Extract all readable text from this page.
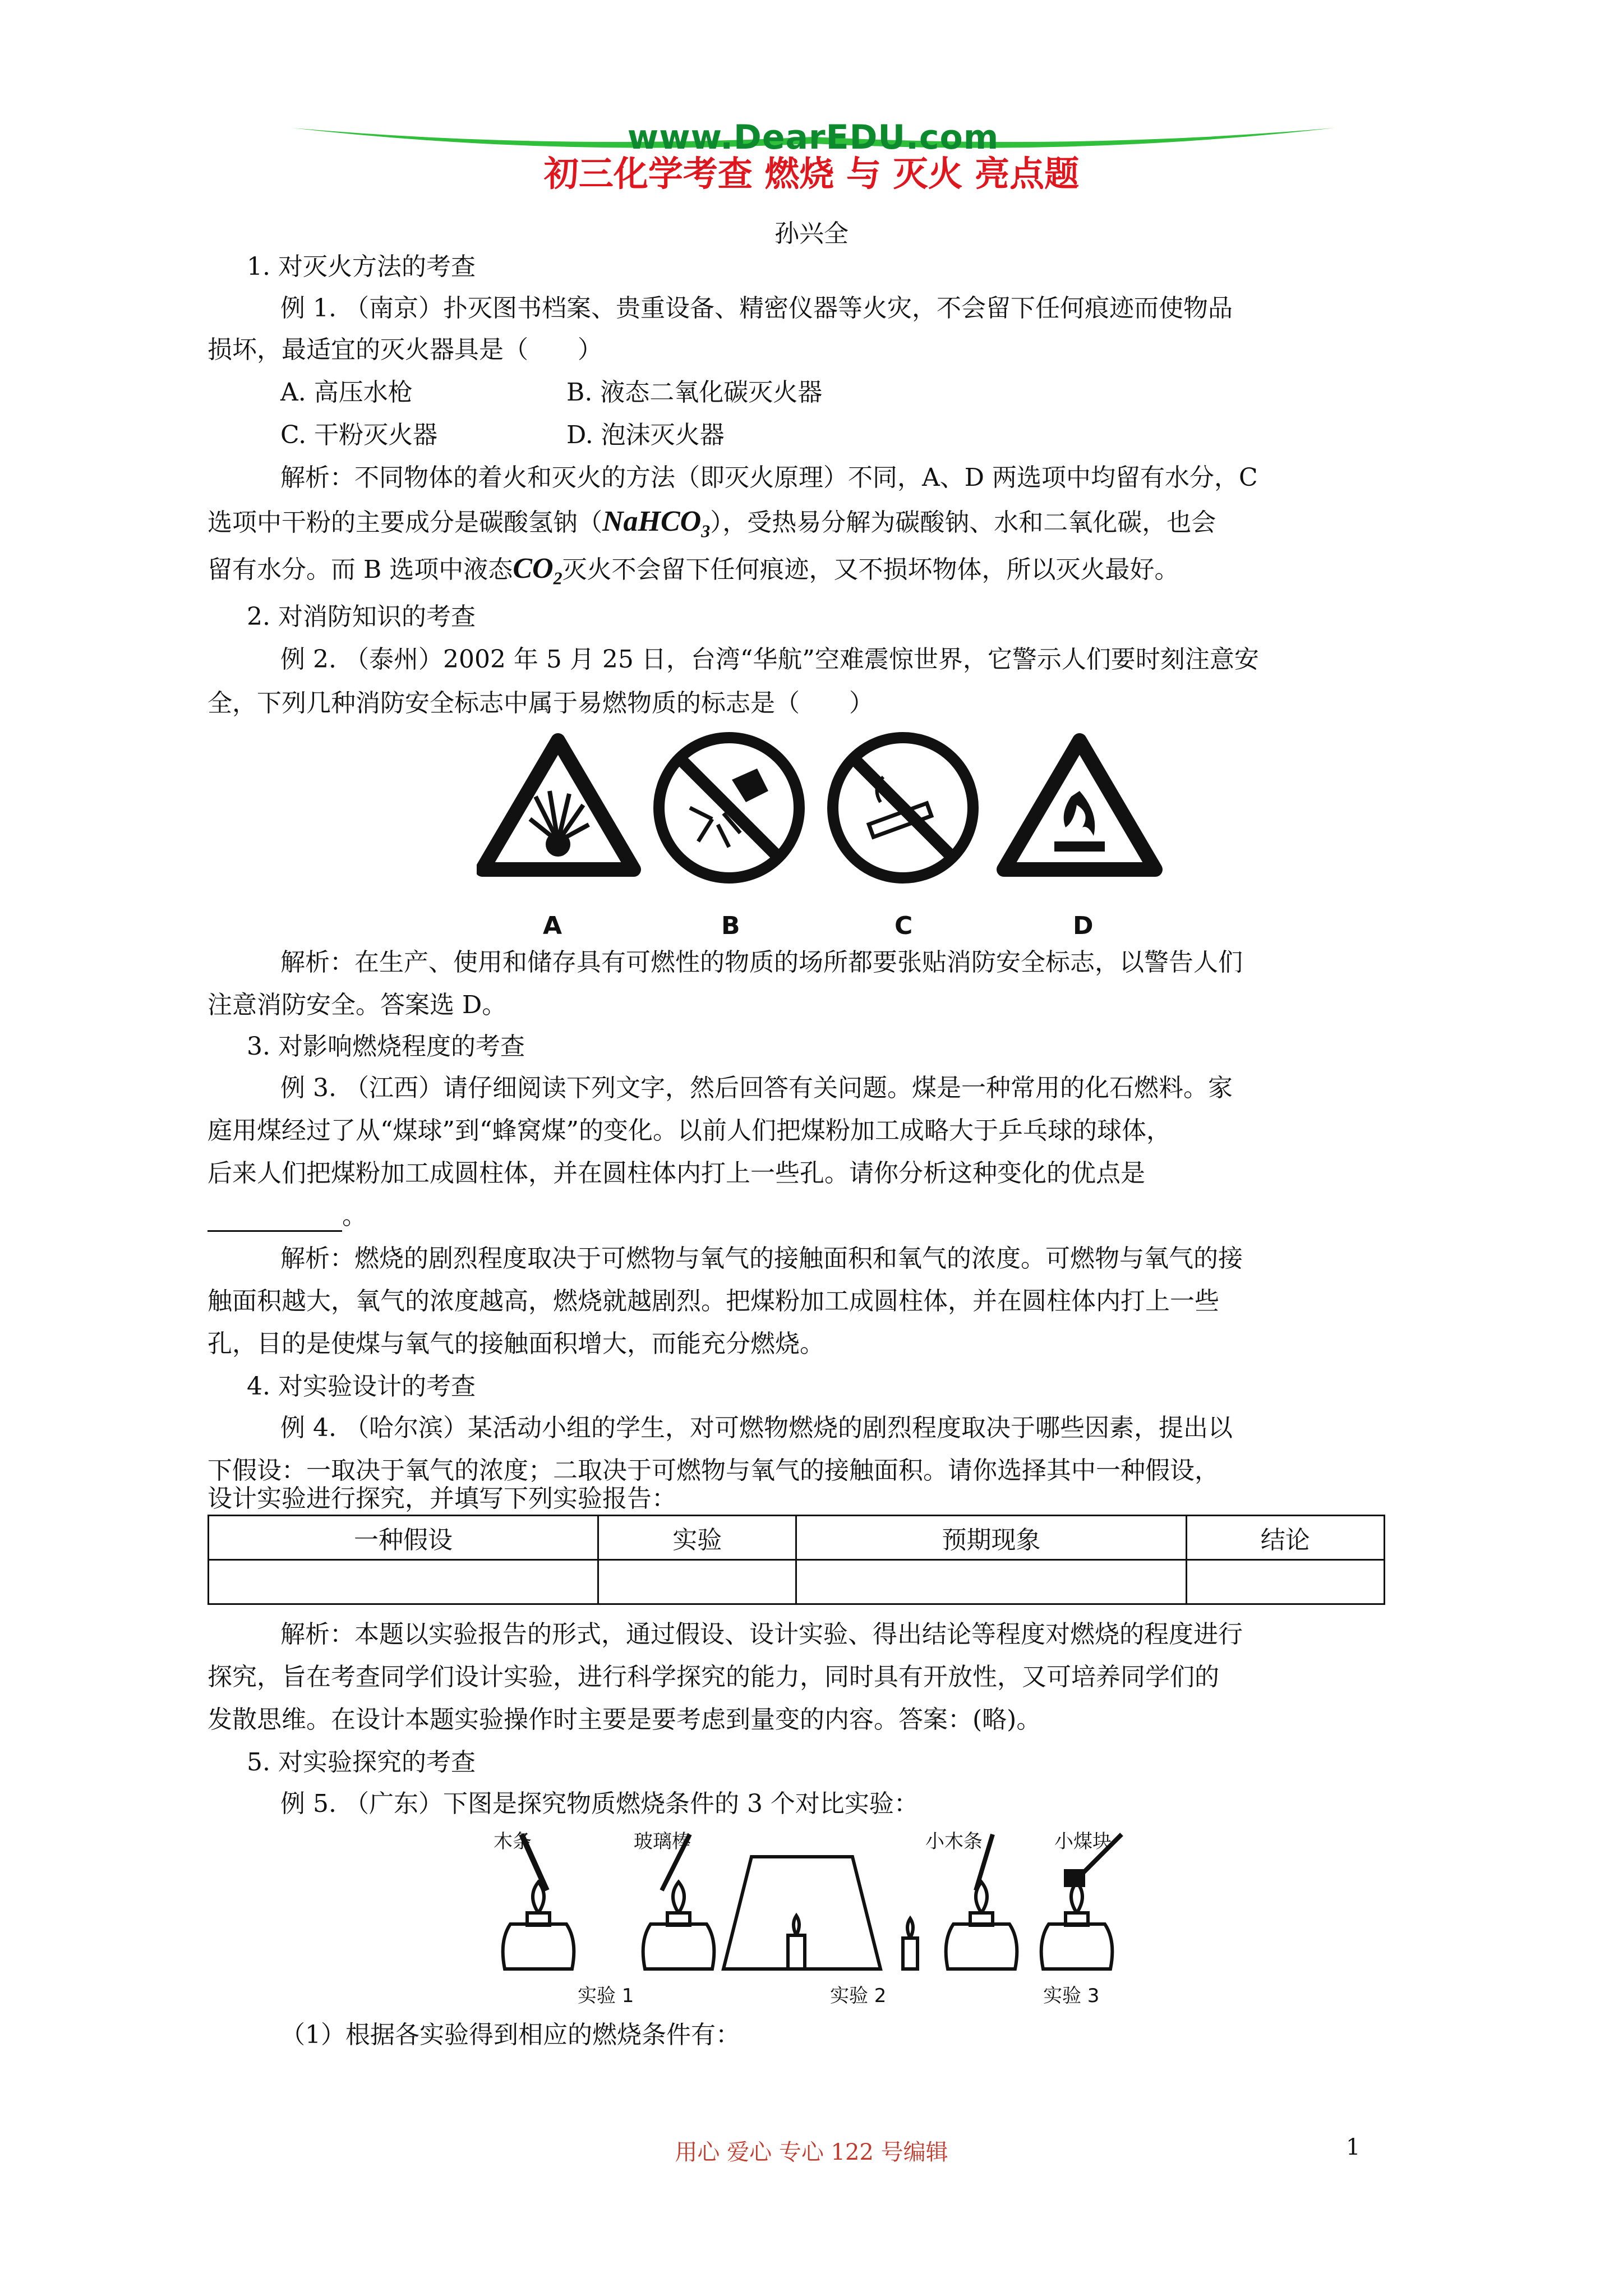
www.DearEDU.com
初三化学考查 燃烧 与 灭火 亮点题
孙兴全
1. 对灭火方法的考查
例 1. （南京）扑灭图书档案、贵重设备、精密仪器等火灾，不会留下任何痕迹而使物品
损坏，最适宜的灭火器具是（　　）
A. 高压水枪	B. 液态二氧化碳灭火器
C. 干粉灭火器	D. 泡沫灭火器
解析：不同物体的着火和灭火的方法（即灭火原理）不同，A、D 两选项中均留有水分，C
选项中干粉的主要成分是碳酸氢钠（NaHCO$_3$），受热易分解为碳酸钠、水和二氧化碳，也会
留有水分。而 B 选项中液态$CO_2$灭火不会留下任何痕迹，又不损坏物体，所以灭火最好。
2. 对消防知识的考查
例 2. （泰州）2002 年 5 月 25 日，台湾“华航”空难震惊世界，它警示人们要时刻注意安
全，下列几种消防安全标志中属于易燃物质的标志是（　　）
A	B	C	D
解析：在生产、使用和储存具有可燃性的物质的场所都要张贴消防安全标志，以警告人们
注意消防安全。答案选 D。
3. 对影响燃烧程度的考查
例 3. （江西）请仔细阅读下列文字，然后回答有关问题。煤是一种常用的化石燃料。家
庭用煤经过了从“煤球”到“蜂窝煤”的变化。以前人们把煤粉加工成略大于乒乓球的球体，
后来人们把煤粉加工成圆柱体，并在圆柱体内打上一些孔。请你分析这种变化的优点是
。
解析：燃烧的剧烈程度取决于可燃物与氧气的接触面积和氧气的浓度。可燃物与氧气的接
触面积越大，氧气的浓度越高，燃烧就越剧烈。把煤粉加工成圆柱体，并在圆柱体内打上一些
孔，目的是使煤与氧气的接触面积增大，而能充分燃烧。
4. 对实验设计的考查
例 4. （哈尔滨）某活动小组的学生，对可燃物燃烧的剧烈程度取决于哪些因素，提出以
下假设：一取决于氧气的浓度；二取决于可燃物与氧气的接触面积。请你选择其中一种假设，
设计实验进行探究，并填写下列实验报告：
一种假设	实验	预期现象	结论

解析：本题以实验报告的形式，通过假设、设计实验、得出结论等程度对燃烧的程度进行
探究，旨在考查同学们设计实验，进行科学探究的能力，同时具有开放性，又可培养同学们的
发散思维。在设计本题实验操作时主要是要考虑到量变的内容。答案：(略)。
5. 对实验探究的考查
例 5. （广东）下图是探究物质燃烧条件的 3 个对比实验：
木条	玻璃棒	小木条	小煤块
实验 1	实验 2	实验 3
（1）根据各实验得到相应的燃烧条件有：
用心 爱心 专心 122 号编辑	1
